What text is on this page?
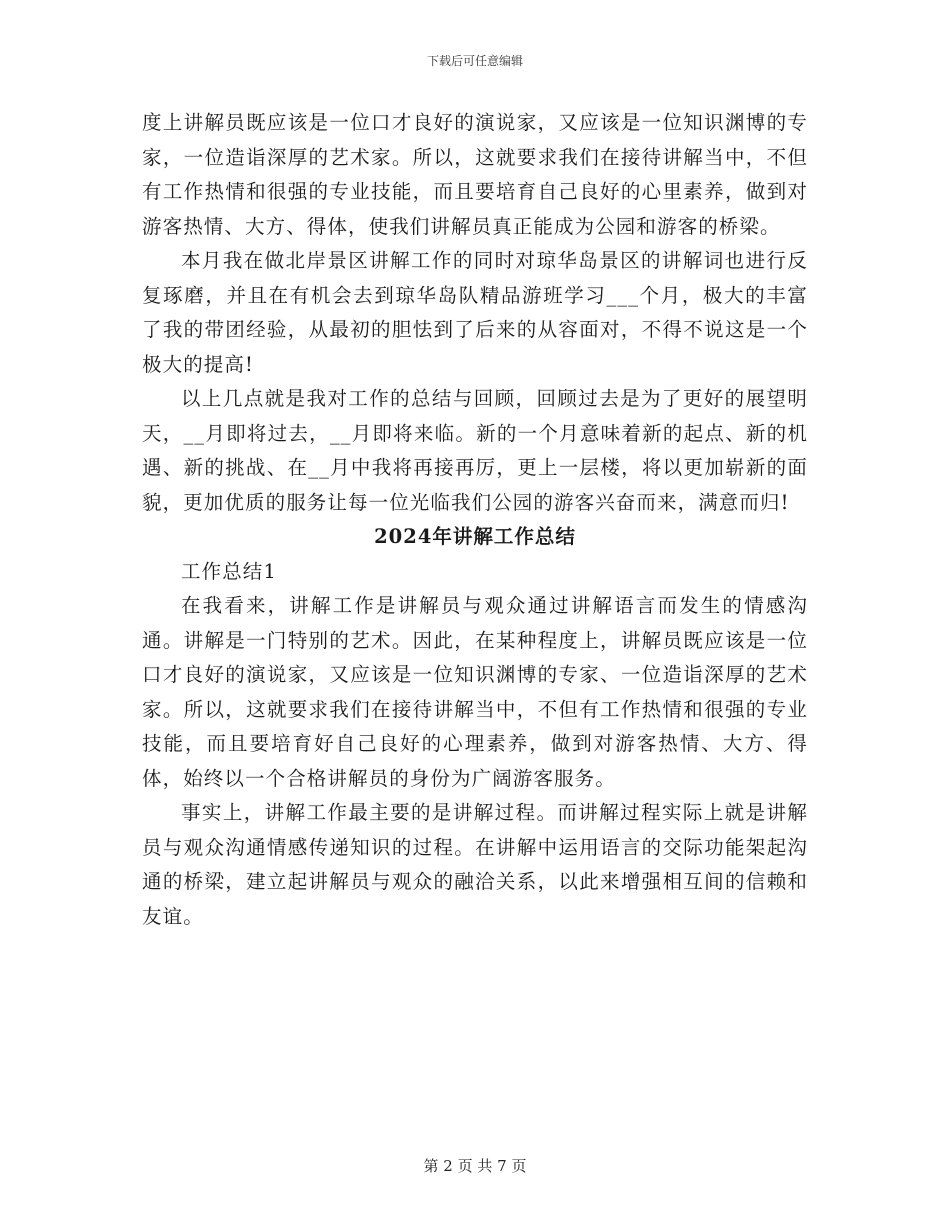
下载后可任意编辑

度上讲解员既应该是一位口才良好的演说家，又应该是一位知识渊博的专家，一位造诣深厚的艺术家。所以，这就要求我们在接待讲解当中，不但有工作热情和很强的专业技能，而且要培育自己良好的心里素养，做到对游客热情、大方、得体，使我们讲解员真正能成为公园和游客的桥梁。

本月我在做北岸景区讲解工作的同时对琼华岛景区的讲解词也进行反复琢磨，并且在有机会去到琼华岛队精品游班学习___个月，极大的丰富了我的带团经验，从最初的胆怯到了后来的从容面对，不得不说这是一个极大的提高!

以上几点就是我对工作的总结与回顾，回顾过去是为了更好的展望明天，__月即将过去，__月即将来临。新的一个月意味着新的起点、新的机遇、新的挑战、在__月中我将再接再厉，更上一层楼，将以更加崭新的面貌，更加优质的服务让每一位光临我们公园的游客兴奋而来，满意而归!

2024年讲解工作总结

工作总结1

在我看来，讲解工作是讲解员与观众通过讲解语言而发生的情感沟通。讲解是一门特别的艺术。因此，在某种程度上，讲解员既应该是一位口才良好的演说家，又应该是一位知识渊博的专家、一位造诣深厚的艺术家。所以，这就要求我们在接待讲解当中，不但有工作热情和很强的专业技能，而且要培育好自己良好的心理素养，做到对游客热情、大方、得体，始终以一个合格讲解员的身份为广阔游客服务。

事实上，讲解工作最主要的是讲解过程。而讲解过程实际上就是讲解员与观众沟通情感传递知识的过程。在讲解中运用语言的交际功能架起沟通的桥梁，建立起讲解员与观众的融洽关系，以此来增强相互间的信赖和友谊。

第 2 页 共 7 页
